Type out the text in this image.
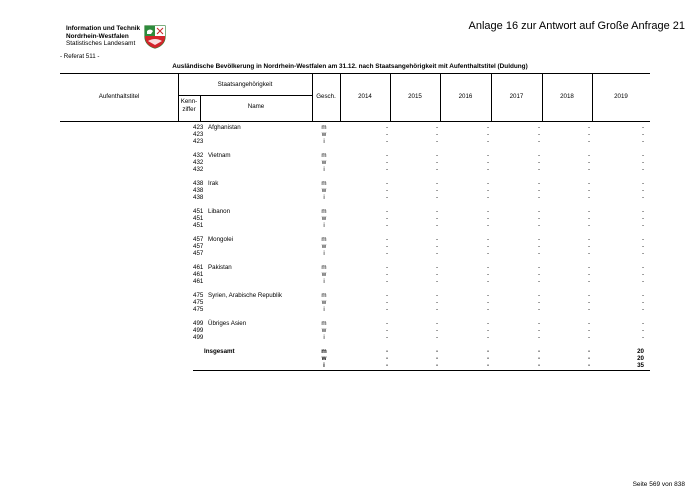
Information und Technik
Nordrhein-Westfalen
Statistisches Landesamt
Anlage 16 zur Antwort auf Große Anfrage 21
- Referat 511 -
Ausländische Bevölkerung in Nordrhein-Westfalen am 31.12. nach Staatsangehörigkeit mit Aufenthaltstitel (Duldung)
Aufenthaltstitel
Staatsangehörigkeit
Kenn-
ziffer	Name
Gesch.	2014	2015	2016	2017	2018	2019
423 Afghanistan	m	-	-	-	-	-	-
423	w	-	-	-	-	-	-
423	i	-	-	-	-	-	-
432 Vietnam	m	-	-	-	-	-	-
432	w	-	-	-	-	-	-
432	i	-	-	-	-	-	-
438 Irak	m	-	-	-	-	-	-
438	w	-	-	-	-	-	-
438	i	-	-	-	-	-	-
451 Libanon	m	-	-	-	-	-	-
451	w	-	-	-	-	-	-
451	i	-	-	-	-	-	-
457 Mongolei	m	-	-	-	-	-	-
457	w	-	-	-	-	-	-
457	i	-	-	-	-	-	-
461 Pakistan	m	-	-	-	-	-	-
461	w	-	-	-	-	-	-
461	i	-	-	-	-	-	-
475 Syrien, Arabische Republik	m	-	-	-	-	-	-
475	w	-	-	-	-	-	-
475	i	-	-	-	-	-	-
499 Übriges Asien	m	-	-	-	-	-	-
499	w	-	-	-	-	-	-
499	i	-	-	-	-	-	-
Insgesamt	m	-	-	-	-	-	20
w	-	-	-	-	-	20
i	-	-	-	-	-	35
Seite 569 von 838
